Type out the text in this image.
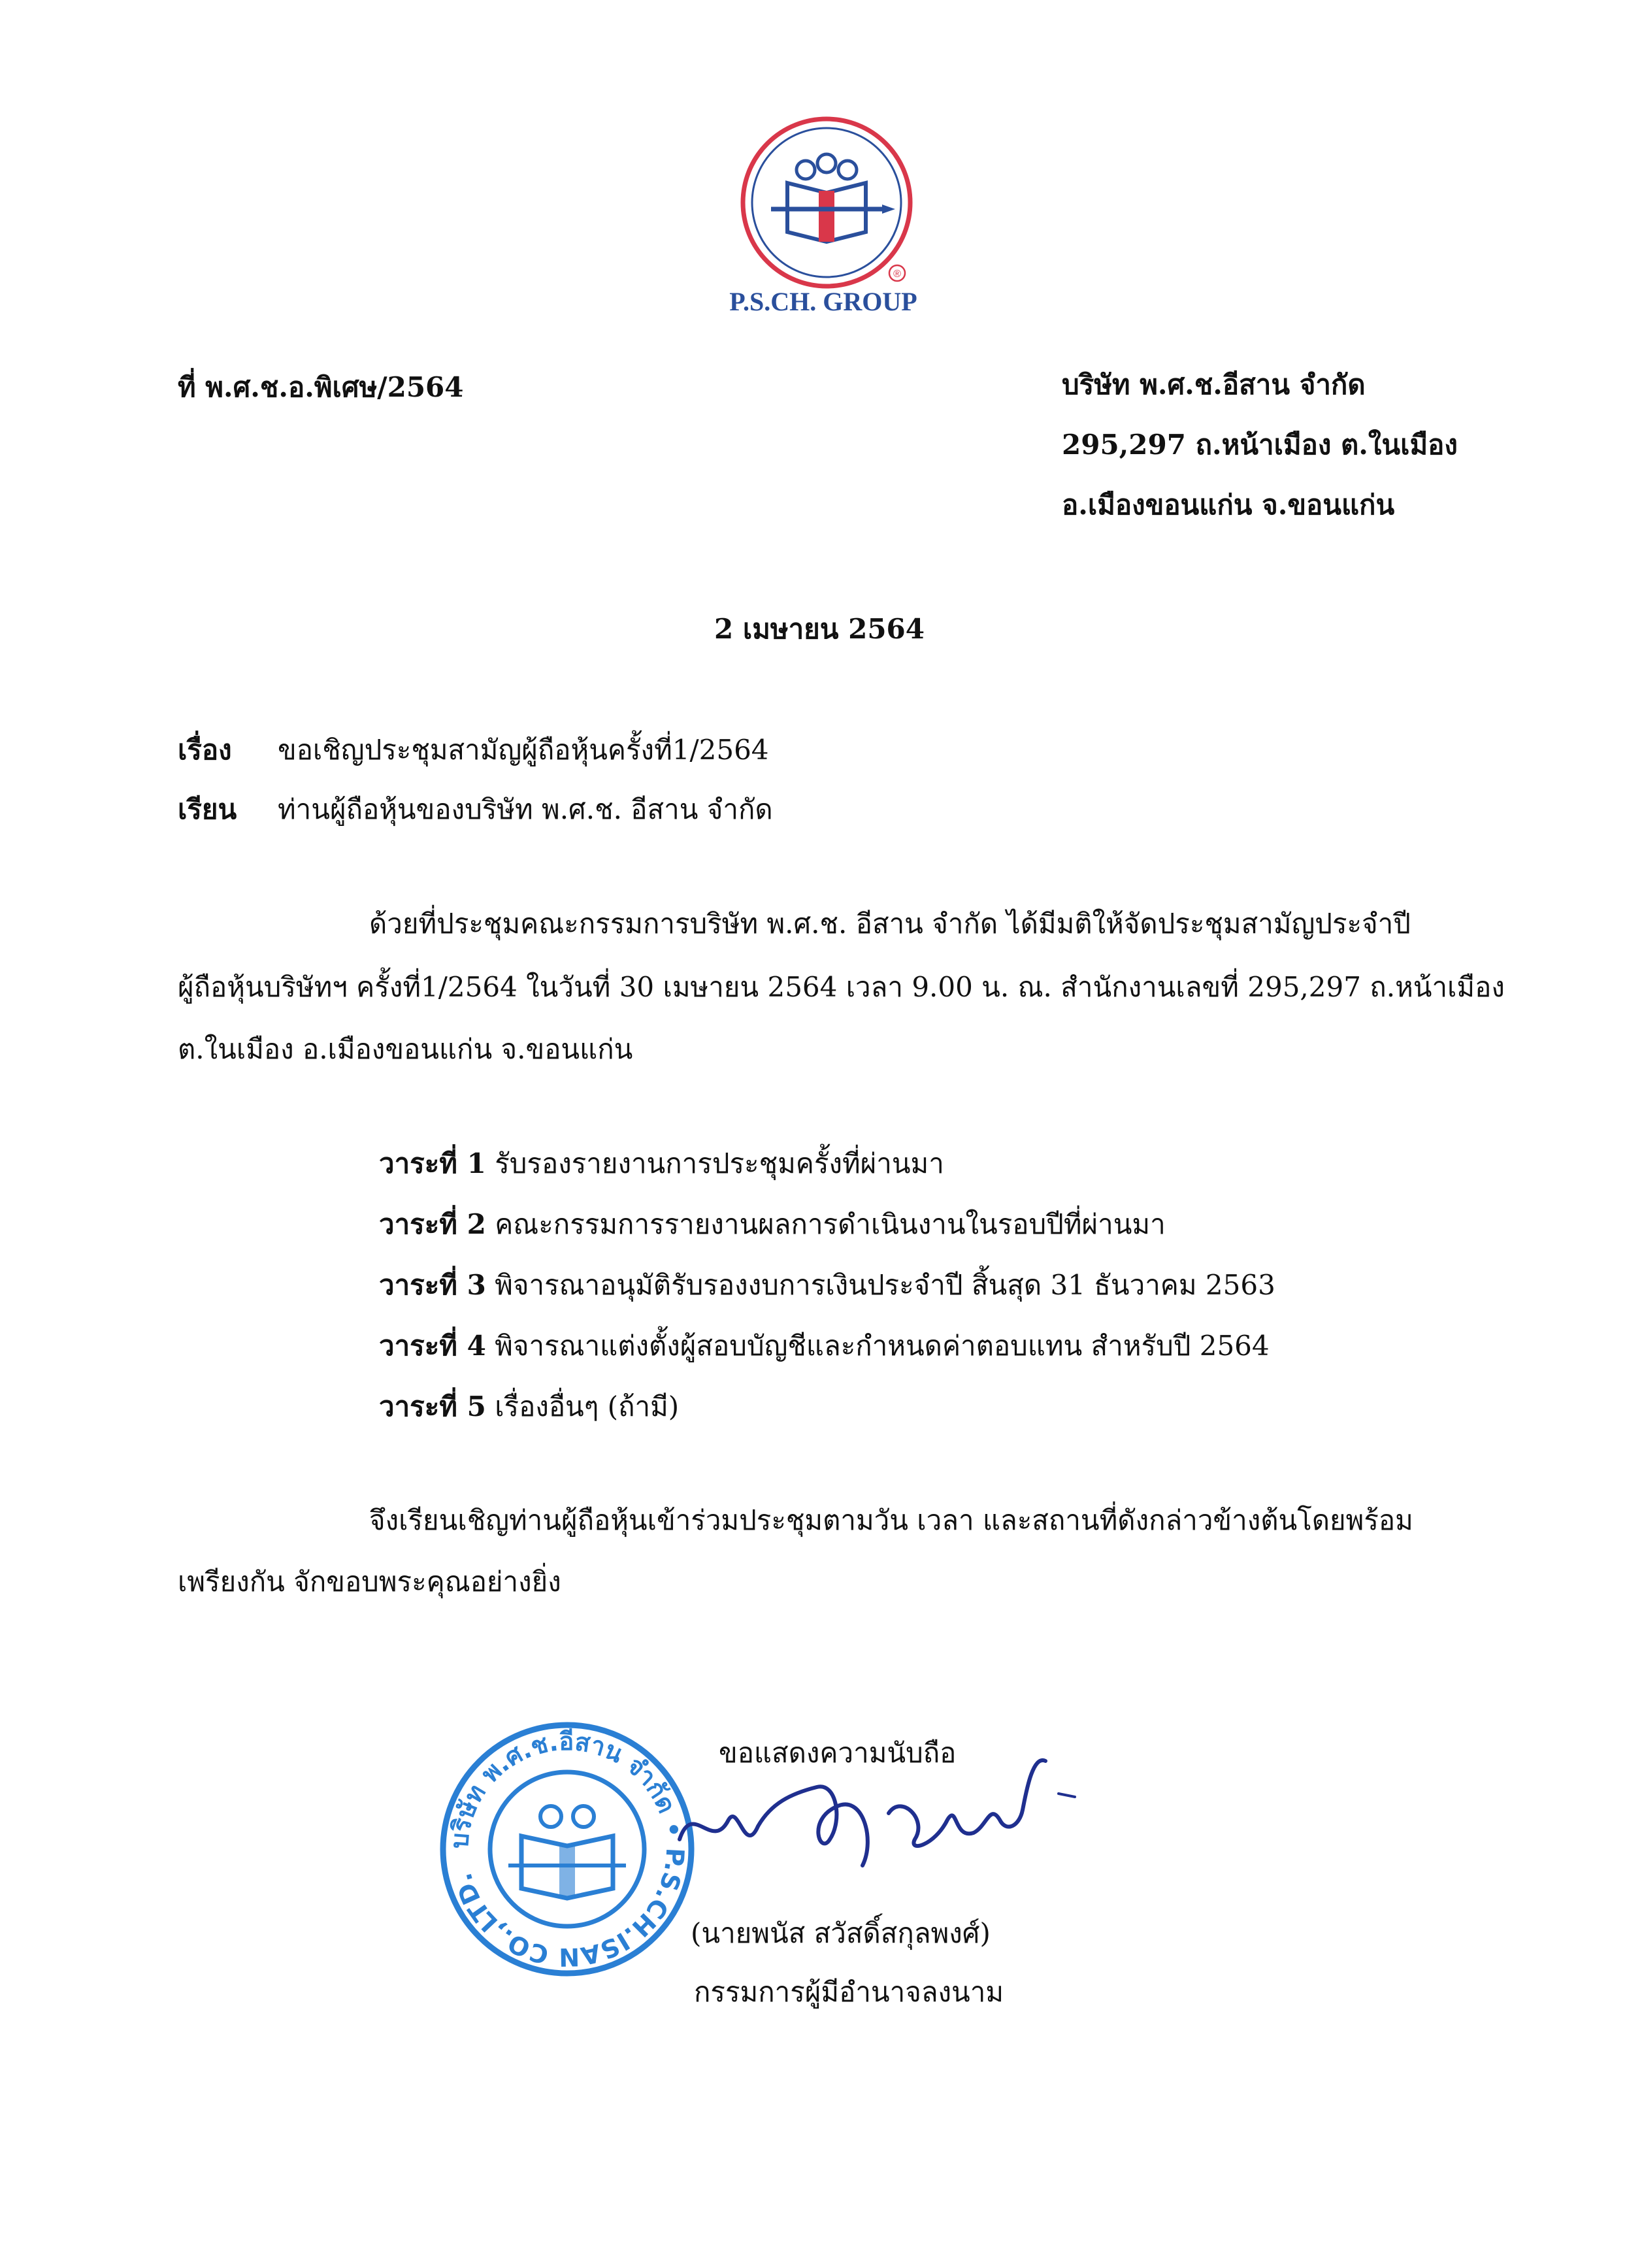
®
P.S.CH. GROUP
ที่ พ.ศ.ช.อ.พิเศษ/2564	บริษัท พ.ศ.ช.อีสาน จำกัด
295,297 ถ.หน้าเมือง ต.ในเมือง
อ.เมืองขอนแก่น จ.ขอนแก่น
2 เมษายน 2564
เรื่อง ขอเชิญประชุมสามัญผู้ถือหุ้นครั้งที่1/2564
เรียน ท่านผู้ถือหุ้นของบริษัท พ.ศ.ช. อีสาน จำกัด
ด้วยที่ประชุมคณะกรรมการบริษัท พ.ศ.ช. อีสาน จำกัด ได้มีมติให้จัดประชุมสามัญประจำปี
ผู้ถือหุ้นบริษัทฯ ครั้งที่1/2564 ในวันที่ 30 เมษายน 2564 เวลา 9.00 น. ณ. สำนักงานเลขที่ 295,297 ถ.หน้าเมือง
ต.ในเมือง อ.เมืองขอนแก่น จ.ขอนแก่น
วาระที่ 1 รับรองรายงานการประชุมครั้งที่ผ่านมา
วาระที่ 2 คณะกรรมการรายงานผลการดำเนินงานในรอบปีที่ผ่านมา
วาระที่ 3 พิจารณาอนุมัติรับรองงบการเงินประจำปี สิ้นสุด 31 ธันวาคม 2563
วาระที่ 4 พิจารณาแต่งตั้งผู้สอบบัญชีและกำหนดค่าตอบแทน สำหรับปี 2564
วาระที่ 5 เรื่องอื่นๆ (ถ้ามี)
จึงเรียนเชิญท่านผู้ถือหุ้นเข้าร่วมประชุมตามวัน เวลา และสถานที่ดังกล่าวข้างต้นโดยพร้อม
เพรียงกัน จักขอบพระคุณอย่างยิ่ง
บริษัท พ.ศ.ช.อีสาน จำกัด • P.S.CH.ISAN CO.,LTD.
ขอแสดงความนับถือ
(นายพนัส สวัสดิ์สกุลพงศ์)
กรรมการผู้มีอำนาจลงนาม
